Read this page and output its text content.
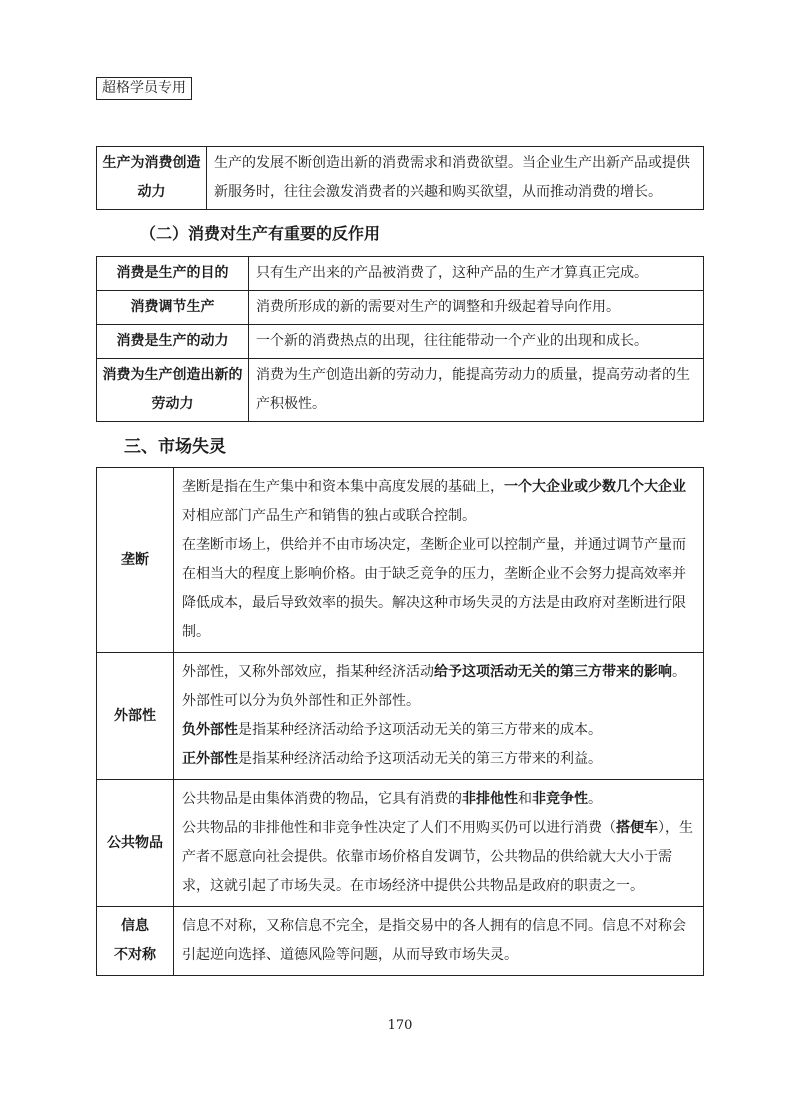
超格学员专用
生产为消费创造动力	生产的发展不断创造出新的消费需求和消费欲望。当企业生产出新产品或提供新服务时，往往会激发消费者的兴趣和购买欲望，从而推动消费的增长。
（二）消费对生产有重要的反作用
消费是生产的目的	只有生产出来的产品被消费了，这种产品的生产才算真正完成。
消费调节生产	消费所形成的新的需要对生产的调整和升级起着导向作用。
消费是生产的动力	一个新的消费热点的出现，往往能带动一个产业的出现和成长。
消费为生产创造出新的劳动力	消费为生产创造出新的劳动力，能提高劳动力的质量，提高劳动者的生产积极性。
三、市场失灵
垄断	垄断是指在生产集中和资本集中高度发展的基础上，一个大企业或少数几个大企业对相应部门产品生产和销售的独占或联合控制。
在垄断市场上，供给并不由市场决定，垄断企业可以控制产量，并通过调节产量而在相当大的程度上影响价格。由于缺乏竞争的压力，垄断企业不会努力提高效率并降低成本，最后导致效率的损失。解决这种市场失灵的方法是由政府对垄断进行限制。

外部性	外部性，又称外部效应，指某种经济活动给予这项活动无关的第三方带来的影响。
外部性可以分为负外部性和正外部性。
负外部性是指某种经济活动给予这项活动无关的第三方带来的成本。
正外部性是指某种经济活动给予这项活动无关的第三方带来的利益。

公共物品	公共物品是由集体消费的物品，它具有消费的非排他性和非竞争性。
公共物品的非排他性和非竞争性决定了人们不用购买仍可以进行消费（搭便车），生产者不愿意向社会提供。依靠市场价格自发调节，公共物品的供给就大大小于需求，这就引起了市场失灵。在市场经济中提供公共物品是政府的职责之一。

信息
不对称	信息不对称，又称信息不完全，是指交易中的各人拥有的信息不同。信息不对称会引起逆向选择、道德风险等问题，从而导致市场失灵。
170
